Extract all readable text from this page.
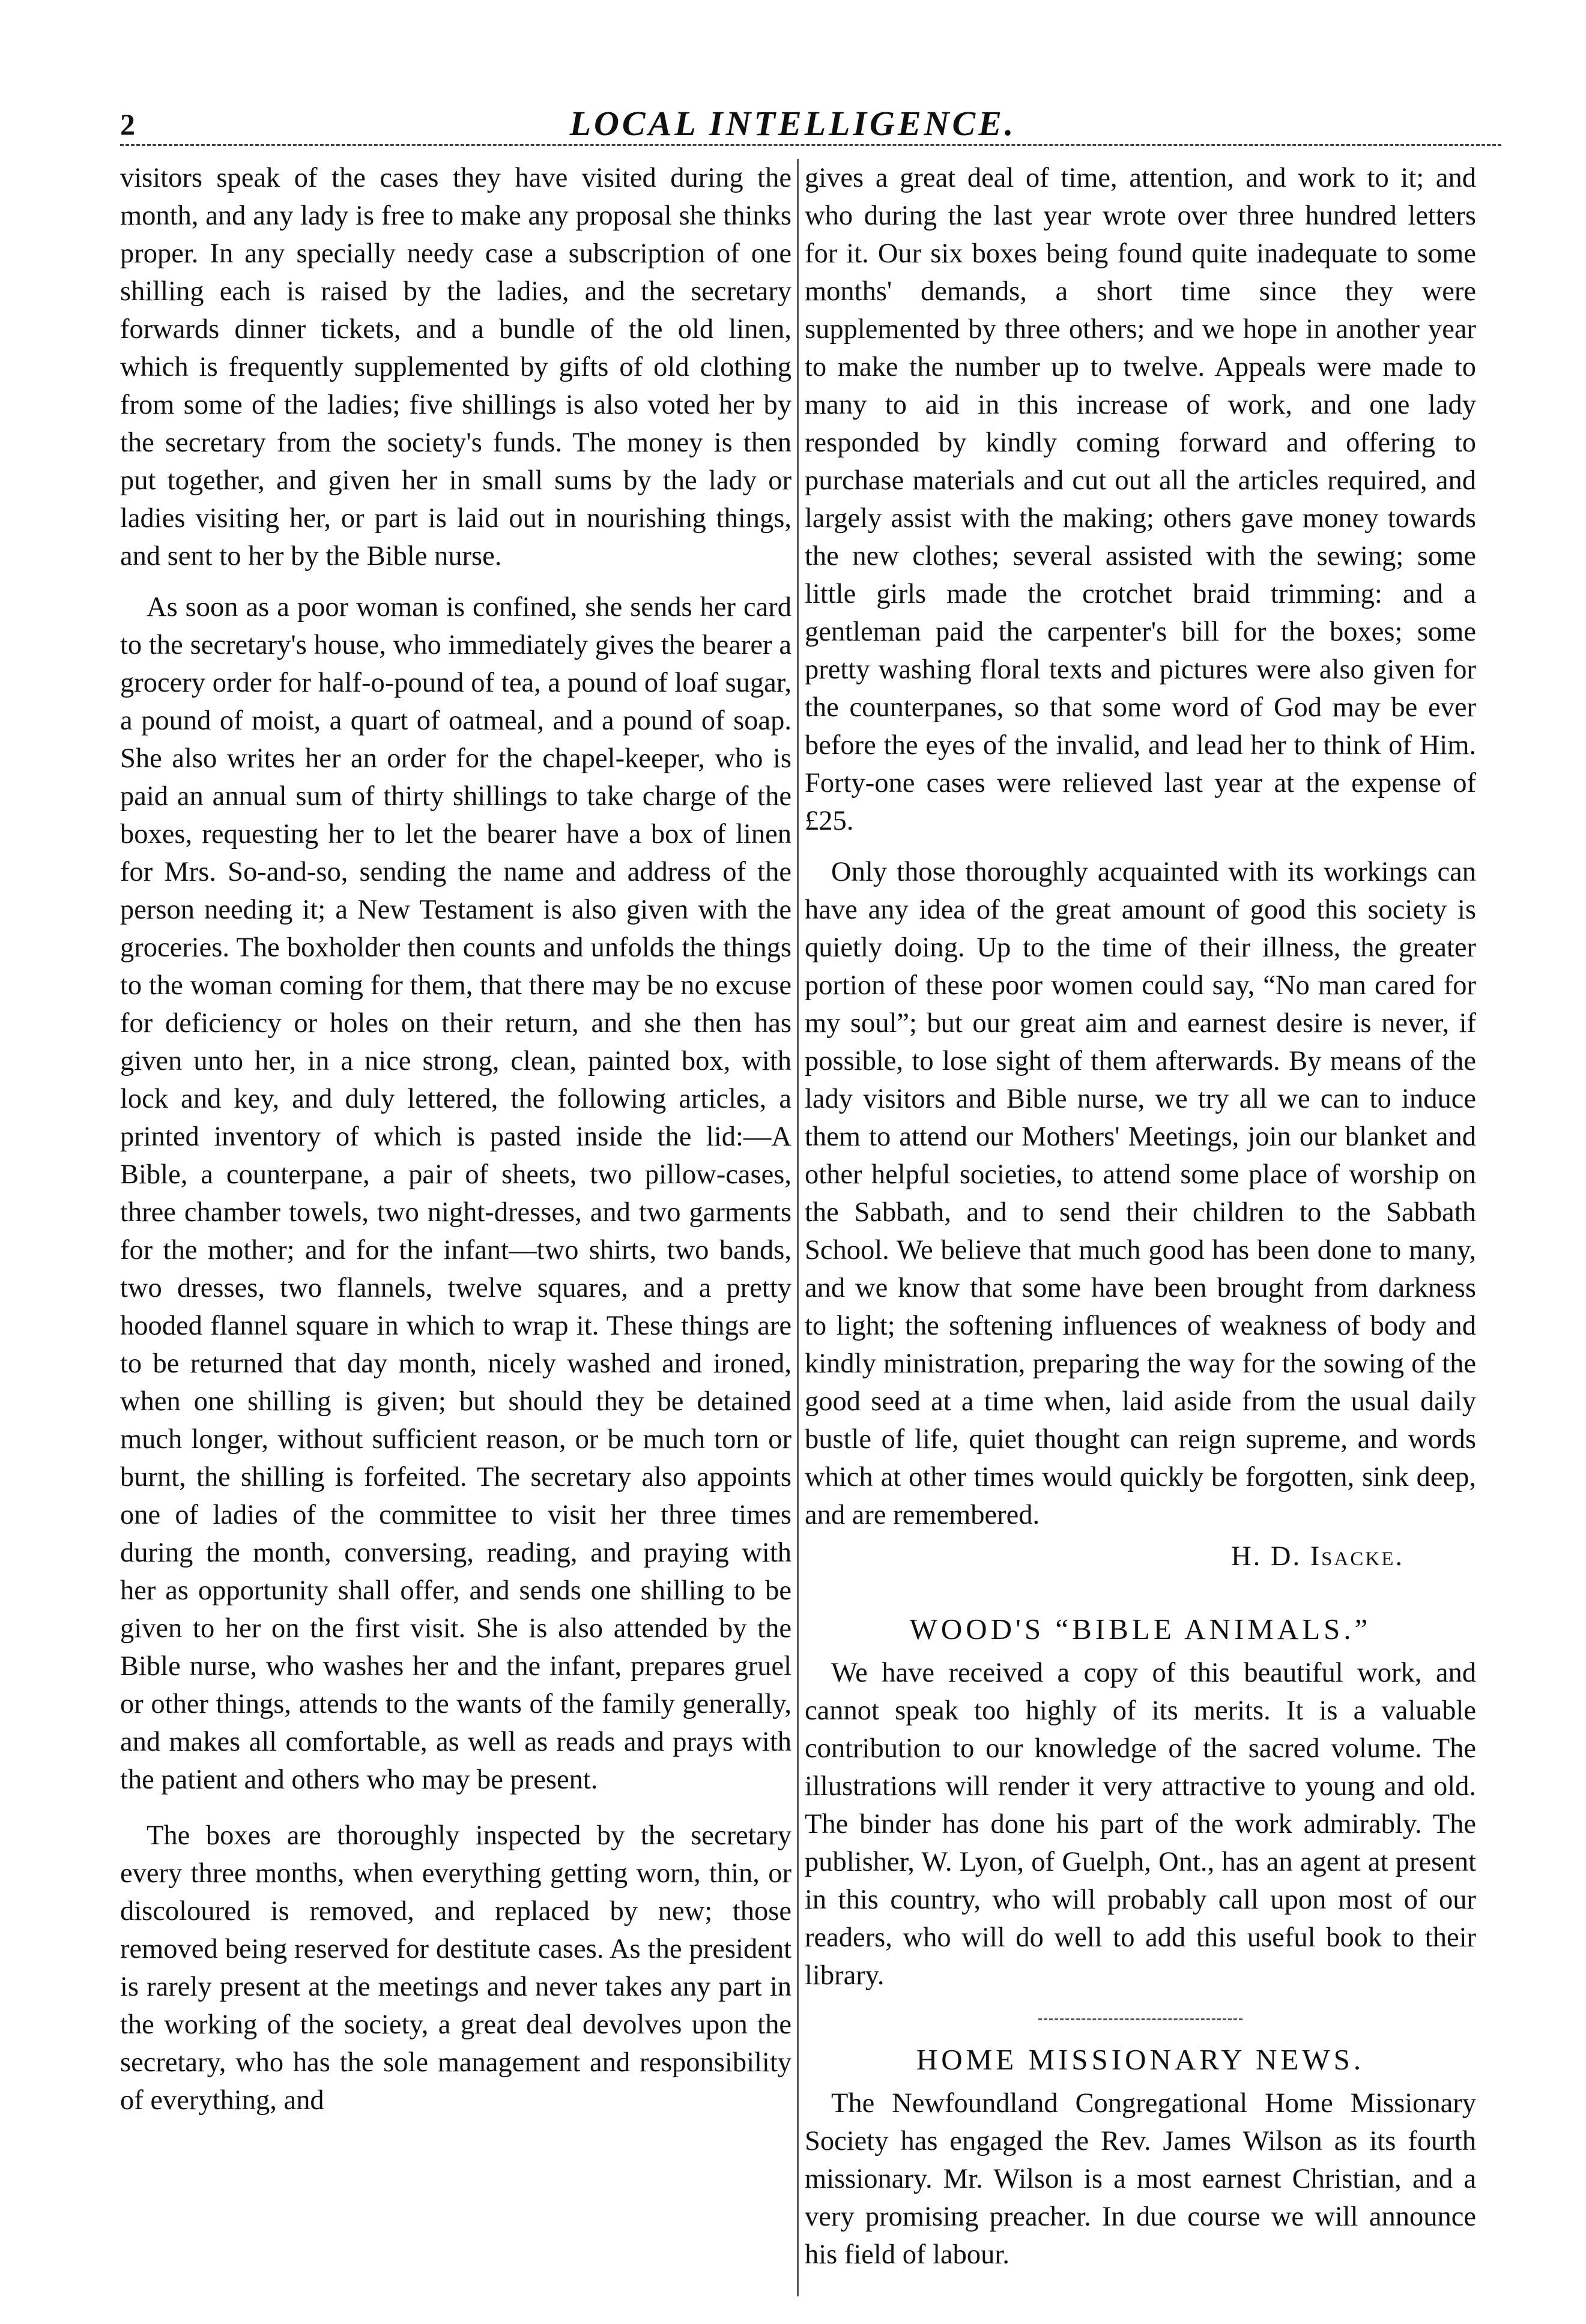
2	LOCAL INTELLIGENCE.

visitors speak of the cases they have visited during the month, and any lady is free to make any proposal she thinks proper. In any specially needy case a subscription of one shilling each is raised by the ladies, and the secretary forwards dinner tickets, and a bundle of the old linen, which is frequently supplemented by gifts of old clothing from some of the ladies; five shillings is also voted her by the secretary from the society's funds. The money is then put together, and given her in small sums by the lady or ladies visiting her, or part is laid out in nourishing things, and sent to her by the Bible nurse.

As soon as a poor woman is confined, she sends her card to the secretary's house, who immediately gives the bearer a grocery order for half-o-pound of tea, a pound of loaf sugar, a pound of moist, a quart of oatmeal, and a pound of soap. She also writes her an order for the chapel-keeper, who is paid an annual sum of thirty shillings to take charge of the boxes, requesting her to let the bearer have a box of linen for Mrs. So-and-so, sending the name and address of the person needing it; a New Testament is also given with the groceries. The boxholder then counts and unfolds the things to the woman coming for them, that there may be no excuse for deficiency or holes on their return, and she then has given unto her, in a nice strong, clean, painted box, with lock and key, and duly lettered, the following articles, a printed inventory of which is pasted inside the lid:—A Bible, a counterpane, a pair of sheets, two pillow-cases, three chamber towels, two night-dresses, and two garments for the mother; and for the infant—two shirts, two bands, two dresses, two flannels, twelve squares, and a pretty hooded flannel square in which to wrap it. These things are to be returned that day month, nicely washed and ironed, when one shilling is given; but should they be detained much longer, without sufficient reason, or be much torn or burnt, the shilling is forfeited. The secretary also appoints one of ladies of the committee to visit her three times during the month, conversing, reading, and praying with her as opportunity shall offer, and sends one shilling to be given to her on the first visit. She is also attended by the Bible nurse, who washes her and the infant, prepares gruel or other things, attends to the wants of the family generally, and makes all comfortable, as well as reads and prays with the patient and others who may be present.

The boxes are thoroughly inspected by the secretary every three months, when everything getting worn, thin, or discoloured is removed, and replaced by new; those removed being reserved for destitute cases. As the president is rarely present at the meetings and never takes any part in the working of the society, a great deal devolves upon the secretary, who has the sole management and responsibility of everything, and

gives a great deal of time, attention, and work to it; and who during the last year wrote over three hundred letters for it. Our six boxes being found quite inadequate to some months' demands, a short time since they were supplemented by three others; and we hope in another year to make the number up to twelve. Appeals were made to many to aid in this increase of work, and one lady responded by kindly coming forward and offering to purchase materials and cut out all the articles required, and largely assist with the making; others gave money towards the new clothes; several assisted with the sewing; some little girls made the crotchet braid trimming: and a gentleman paid the carpenter's bill for the boxes; some pretty washing floral texts and pictures were also given for the counterpanes, so that some word of God may be ever before the eyes of the invalid, and lead her to think of Him. Forty-one cases were relieved last year at the expense of £25.

Only those thoroughly acquainted with its workings can have any idea of the great amount of good this society is quietly doing. Up to the time of their illness, the greater portion of these poor women could say, “No man cared for my soul”; but our great aim and earnest desire is never, if possible, to lose sight of them afterwards. By means of the lady visitors and Bible nurse, we try all we can to induce them to attend our Mothers' Meetings, join our blanket and other helpful societies, to attend some place of worship on the Sabbath, and to send their children to the Sabbath School. We believe that much good has been done to many, and we know that some have been brought from darkness to light; the softening influences of weakness of body and kindly ministration, preparing the way for the sowing of the good seed at a time when, laid aside from the usual daily bustle of life, quiet thought can reign supreme, and words which at other times would quickly be forgotten, sink deep, and are remembered.

H. D. Isacke.
WOOD'S “BIBLE ANIMALS.”

We have received a copy of this beautiful work, and cannot speak too highly of its merits. It is a valuable contribution to our knowledge of the sacred volume. The illustrations will render it very attractive to young and old. The binder has done his part of the work admirably. The publisher, W. Lyon, of Guelph, Ont., has an agent at present in this country, who will probably call upon most of our readers, who will do well to add this useful book to their library.

HOME MISSIONARY NEWS.

The Newfoundland Congregational Home Missionary Society has engaged the Rev. James Wilson as its fourth missionary. Mr. Wilson is a most earnest Christian, and a very promising preacher. In due course we will announce his field of labour.
